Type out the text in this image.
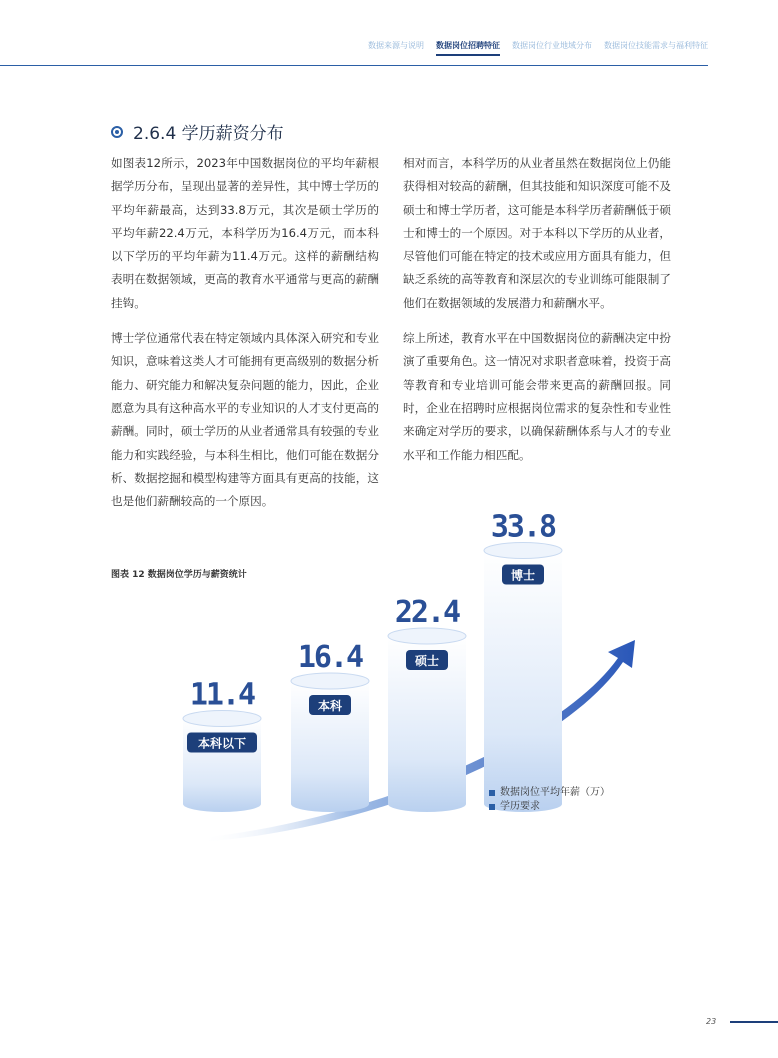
数据来源与说明 数据岗位招聘特征 数据岗位行业地域分布 数据岗位技能需求与福利特征
2.6.4 学历薪资分布

如图表12所示，2023年中国数据岗位的平均年薪根据学历分布，呈现出显著的差异性，其中博士学历的平均年薪最高，达到33.8万元，其次是硕士学历的平均年薪22.4万元，本科学历为16.4万元，而本科以下学历的平均年薪为11.4万元。这样的薪酬结构表明在数据领域，更高的教育水平通常与更高的薪酬挂钩。

博士学位通常代表在特定领域内具体深入研究和专业知识，意味着这类人才可能拥有更高级别的数据分析能力、研究能力和解决复杂问题的能力，因此，企业愿意为具有这种高水平的专业知识的人才支付更高的薪酬。同时，硕士学历的从业者通常具有较强的专业能力和实践经验，与本科生相比，他们可能在数据分析、数据挖掘和模型构建等方面具有更高的技能，这也是他们薪酬较高的一个原因。

相对而言，本科学历的从业者虽然在数据岗位上仍能获得相对较高的薪酬，但其技能和知识深度可能不及硕士和博士学历者，这可能是本科学历者薪酬低于硕士和博士的一个原因。对于本科以下学历的从业者，尽管他们可能在特定的技术或应用方面具有能力，但缺乏系统的高等教育和深层次的专业训练可能限制了他们在数据领域的发展潜力和薪酬水平。

综上所述，教育水平在中国数据岗位的薪酬决定中扮演了重要角色。这一情况对求职者意味着，投资于高等教育和专业培训可能会带来更高的薪酬回报。同时，企业在招聘时应根据岗位需求的复杂性和专业性来确定对学历的要求，以确保薪酬体系与人才的专业水平和工作能力相匹配。

图表 12 数据岗位学历与薪资统计
11.4
本科以下
16.4
本科
22.4
硕士
33.8
博士
数据岗位平均年薪（万）
学历要求
23
